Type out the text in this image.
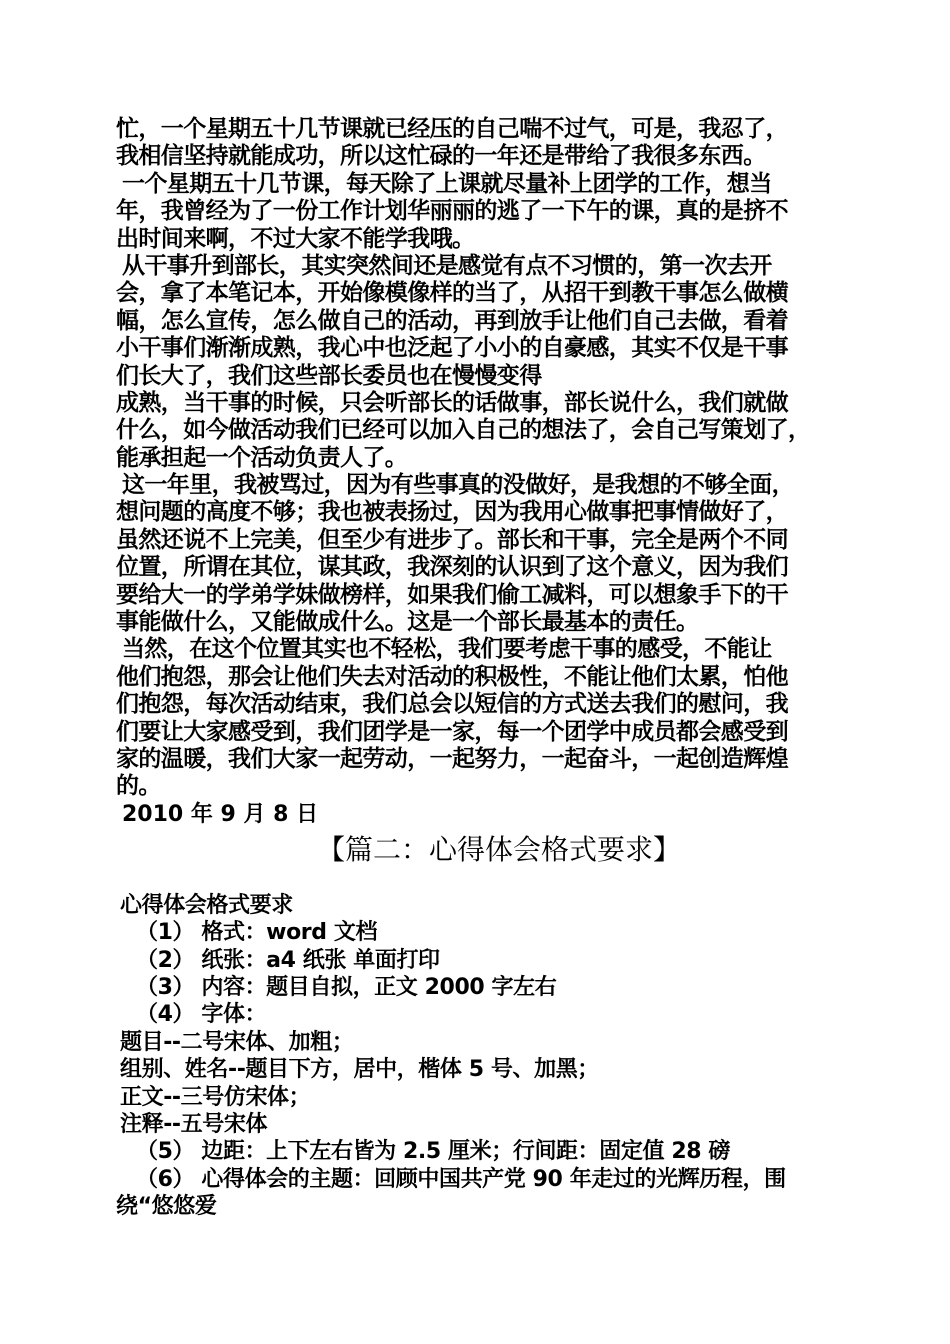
忙，一个星期五十几节课就已经压的自己喘不过气，可是，我忍了，
我相信坚持就能成功，所以这忙碌的一年还是带给了我很多东西。
一个星期五十几节课，每天除了上课就尽量补上团学的工作，想当
年，我曾经为了一份工作计划华丽丽的逃了一下午的课，真的是挤不
出时间来啊，不过大家不能学我哦。
从干事升到部长，其实突然间还是感觉有点不习惯的，第一次去开
会，拿了本笔记本，开始像模像样的当了，从招干到教干事怎么做横
幅，怎么宣传，怎么做自己的活动，再到放手让他们自己去做，看着
小干事们渐渐成熟，我心中也泛起了小小的自豪感，其实不仅是干事
们长大了，我们这些部长委员也在慢慢变得
成熟，当干事的时候，只会听部长的话做事，部长说什么，我们就做
什么，如今做活动我们已经可以加入自己的想法了，会自己写策划了，
能承担起一个活动负责人了。
这一年里，我被骂过，因为有些事真的没做好，是我想的不够全面，
想问题的高度不够；我也被表扬过，因为我用心做事把事情做好了，
虽然还说不上完美，但至少有进步了。部长和干事，完全是两个不同
位置，所谓在其位，谋其政，我深刻的认识到了这个意义，因为我们
要给大一的学弟学妹做榜样，如果我们偷工减料，可以想象手下的干
事能做什么，又能做成什么。这是一个部长最基本的责任。
当然，在这个位置其实也不轻松，我们要考虑干事的感受，不能让
他们抱怨，那会让他们失去对活动的积极性，不能让他们太累，怕他
们抱怨，每次活动结束，我们总会以短信的方式送去我们的慰问，我
们要让大家感受到，我们团学是一家，每一个团学中成员都会感受到
家的温暖，我们大家一起劳动，一起努力，一起奋斗，一起创造辉煌
的。
2010 年 9 月 8 日
【篇二：心得体会格式要求】
心得体会格式要求
（1） 格式：word 文档
（2） 纸张：a4 纸张 单面打印
（3） 内容：题目自拟，正文 2000 字左右
（4） 字体：
题目--二号宋体、加粗；
组别、姓名--题目下方，居中，楷体 5 号、加黑；
正文--三号仿宋体；
注释--五号宋体
（5） 边距：上下左右皆为 2.5 厘米；行间距：固定值 28 磅
（6） 心得体会的主题：回顾中国共产党 90 年走过的光辉历程，围
绕“悠悠爱
